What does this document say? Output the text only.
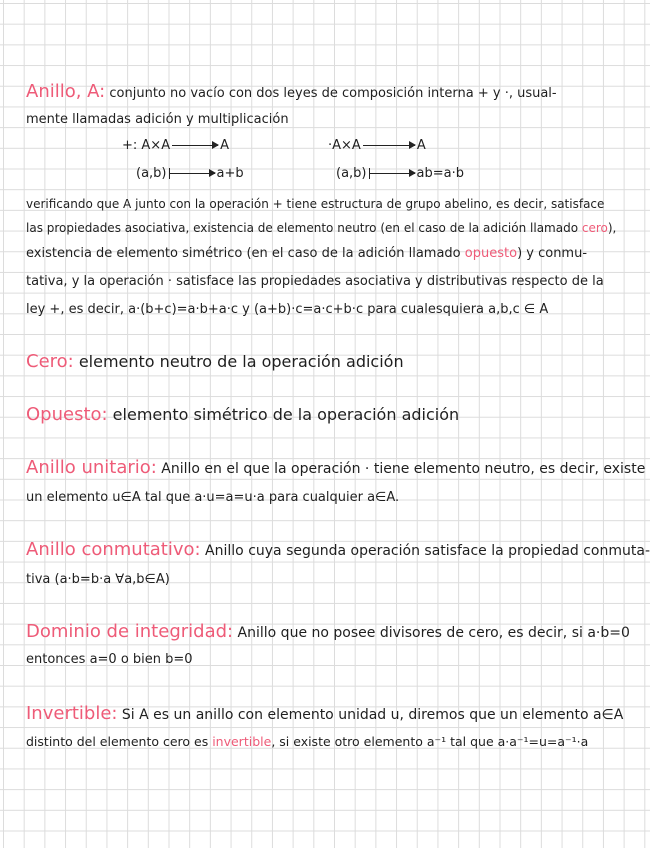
Anillo, A: conjunto no vacío con dos leyes de composición interna + y ·, usual-
mente llamadas adición y multiplicación
+: A×A	A
(a,b)	a+b
·A×A	A
(a,b)	ab=a·b
verificando que A junto con la operación + tiene estructura de grupo abelino, es decir, satisface
las propiedades asociativa, existencia de elemento neutro (en el caso de la adición llamado cero),
existencia de elemento simétrico (en el caso de la adición llamado opuesto) y conmu-
tativa, y la operación · satisface las propiedades asociativa y distributivas respecto de la
ley +, es decir, a·(b+c)=a·b+a·c y (a+b)·c=a·c+b·c para cualesquiera a,b,c ∈ A
Cero: elemento neutro de la operación adición
Opuesto: elemento simétrico de la operación adición
Anillo unitario: Anillo en el que la operación · tiene elemento neutro, es decir, existe
un elemento u∈A tal que a·u=a=u·a para cualquier a∈A.
Anillo conmutativo: Anillo cuya segunda operación satisface la propiedad conmuta-
tiva (a·b=b·a ∀a,b∈A)
Dominio de integridad: Anillo que no posee divisores de cero, es decir, si a·b=0
entonces a=0 o bien b=0
Invertible: Si A es un anillo con elemento unidad u, diremos que un elemento a∈A
distinto del elemento cero es invertible, si existe otro elemento a⁻¹ tal que a·a⁻¹=u=a⁻¹·a
